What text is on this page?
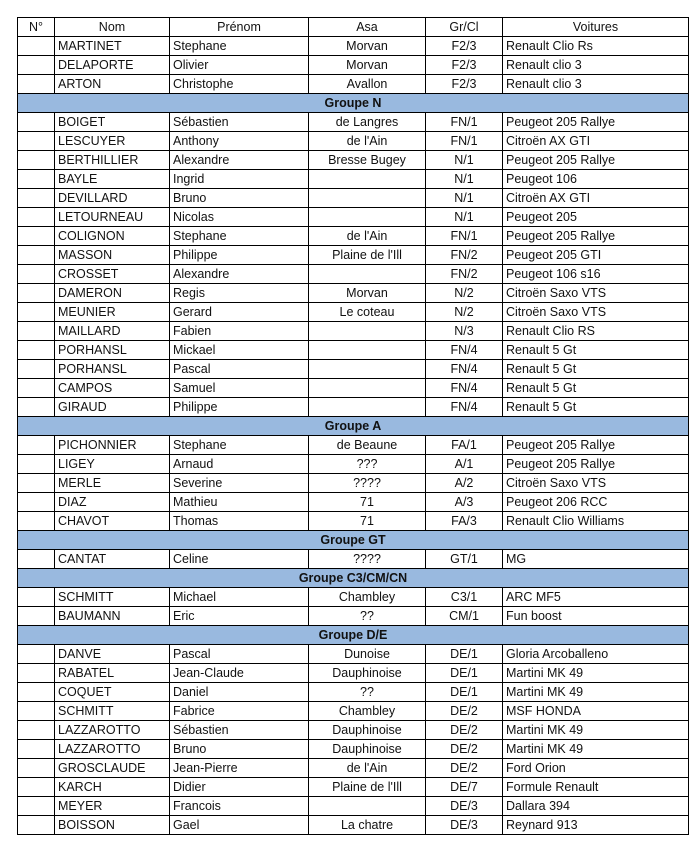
N°	Nom	Prénom	Asa	Gr/Cl	Voitures
	MARTINET	Stephane	Morvan	F2/3	Renault Clio Rs
	DELAPORTE	Olivier	Morvan	F2/3	Renault clio 3
	ARTON	Christophe	Avallon	F2/3	Renault clio 3
Groupe N					
	BOIGET	Sébastien	de Langres	FN/1	Peugeot 205 Rallye
	LESCUYER	Anthony	de l'Ain	FN/1	Citroën AX GTI
	BERTHILLIER	Alexandre	Bresse Bugey	N/1	Peugeot 205 Rallye
	BAYLE	Ingrid		N/1	Peugeot 106
	DEVILLARD	Bruno		N/1	Citroën AX GTI
	LETOURNEAU	Nicolas		N/1	Peugeot 205
	COLIGNON	Stephane	de l'Ain	FN/1	Peugeot 205 Rallye
	MASSON	Philippe	Plaine de l'Ill	FN/2	Peugeot 205 GTI
	CROSSET	Alexandre		FN/2	Peugeot 106 s16
	DAMERON	Regis	Morvan	N/2	Citroën Saxo VTS
	MEUNIER	Gerard	Le coteau	N/2	Citroën Saxo VTS
	MAILLARD	Fabien		N/3	Renault Clio RS
	PORHANSL	Mickael		FN/4	Renault 5 Gt
	PORHANSL	Pascal		FN/4	Renault 5 Gt
	CAMPOS	Samuel		FN/4	Renault 5 Gt
	GIRAUD	Philippe		FN/4	Renault 5 Gt
Groupe A					
	PICHONNIER	Stephane	de Beaune	FA/1	Peugeot 205 Rallye
	LIGEY	Arnaud	???	A/1	Peugeot 205 Rallye
	MERLE	Severine	????	A/2	Citroën Saxo VTS
	DIAZ	Mathieu	71	A/3	Peugeot 206 RCC
	CHAVOT	Thomas	71	FA/3	Renault Clio Williams
Groupe GT					
	CANTAT	Celine	????	GT/1	MG
Groupe C3/CM/CN					
	SCHMITT	Michael	Chambley	C3/1	ARC MF5
	BAUMANN	Eric	??	CM/1	Fun boost
Groupe D/E					
	DANVE	Pascal	Dunoise	DE/1	Gloria Arcoballeno
	RABATEL	Jean-Claude	Dauphinoise	DE/1	Martini MK 49
	COQUET	Daniel	??	DE/1	Martini MK 49
	SCHMITT	Fabrice	Chambley	DE/2	MSF HONDA
	LAZZAROTTO	Sébastien	Dauphinoise	DE/2	Martini MK 49
	LAZZAROTTO	Bruno	Dauphinoise	DE/2	Martini MK 49
	GROSCLAUDE	Jean-Pierre	de l'Ain	DE/2	Ford Orion
	KARCH	Didier	Plaine de l'Ill	DE/7	Formule Renault
	MEYER	Francois		DE/3	Dallara 394
	BOISSON	Gael	La chatre	DE/3	Reynard 913
